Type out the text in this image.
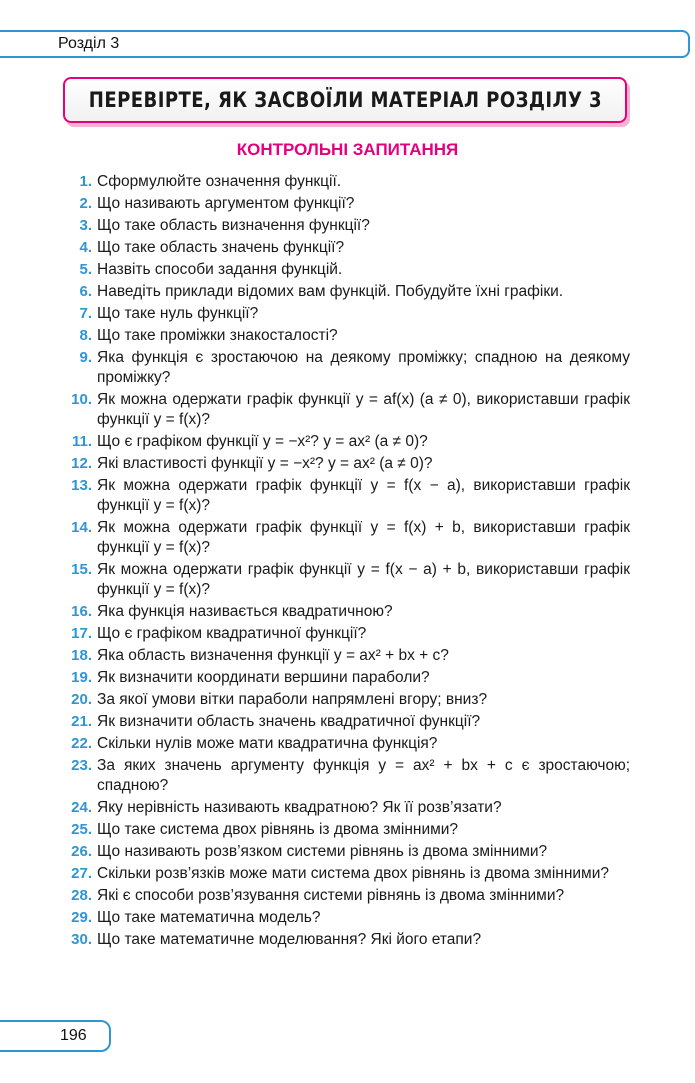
Розділ 3
ПЕРЕВІРТЕ, ЯК ЗАСВОЇЛИ МАТЕРІАЛ РОЗДІЛУ 3
КОНТРОЛЬНІ ЗАПИТАННЯ
1. Сформулюйте означення функції.
2. Що називають аргументом функції?
3. Що таке область визначення функції?
4. Що таке область значень функції?
5. Назвіть способи задання функцій.
6. Наведіть приклади відомих вам функцій. Побудуйте їхні графіки.
7. Що таке нуль функції?
8. Що таке проміжки знакосталості?
9. Яка функція є зростаючою на деякому проміжку; спадною на деякому проміжку?
10. Як можна одержати графік функції y = af(x) (a ≠ 0), використавши графік функції y = f(x)?
11. Що є графіком функції y = −x²? y = ax² (a ≠ 0)?
12. Які властивості функції y = −x²? y = ax² (a ≠ 0)?
13. Як можна одержати графік функції y = f(x − a), використавши графік функції y = f(x)?
14. Як можна одержати графік функції y = f(x) + b, використавши графік функції y = f(x)?
15. Як можна одержати графік функції y = f(x − a) + b, використавши графік функції y = f(x)?
16. Яка функція називається квадратичною?
17. Що є графіком квадратичної функції?
18. Яка область визначення функції y = ax² + bx + c?
19. Як визначити координати вершини параболи?
20. За якої умови вітки параболи напрямлені вгору; вниз?
21. Як визначити область значень квадратичної функції?
22. Скільки нулів може мати квадратична функція?
23. За яких значень аргументу функція y = ax² + bx + c є зростаючою; спадною?
24. Яку нерівність називають квадратною? Як її розв’язати?
25. Що таке система двох рівнянь із двома змінними?
26. Що називають розв’язком системи рівнянь із двома змінними?
27. Скільки розв’язків може мати система двох рівнянь із двома змінними?
28. Які є способи розв’язування системи рівнянь із двома змінними?
29. Що таке математична модель?
30. Що таке математичне моделювання? Які його етапи?
196
